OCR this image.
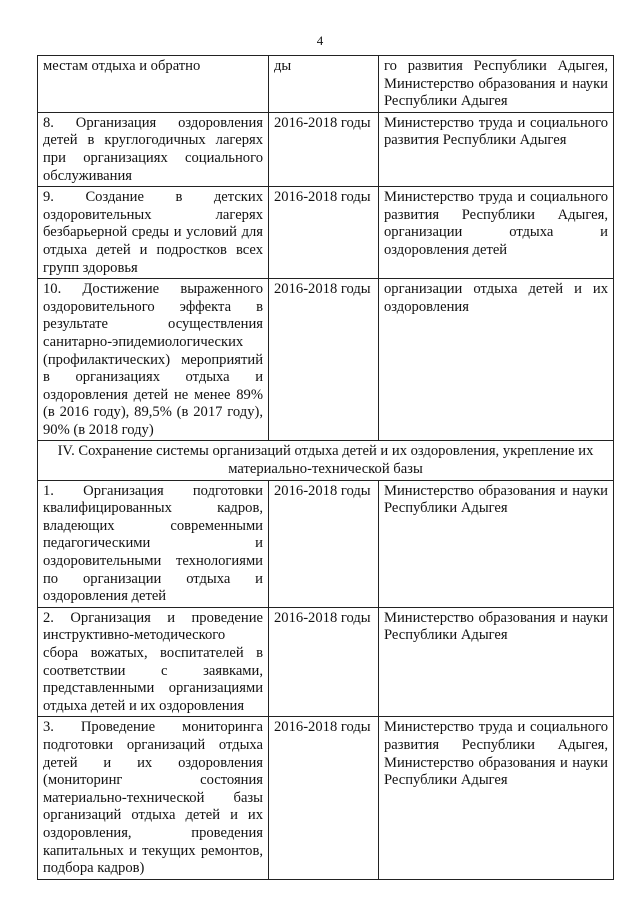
4
местам отдыха и обратно	ды	го развития Республики Адыгея, Министерство образования и науки Республики Адыгея
8. Организация оздоровления детей в круглогодичных лагерях при организациях социального обслуживания	2016-2018 годы	Министерство труда и социального развития Республики Адыгея
9. Создание в детских оздоровительных лагерях безбарьерной среды и условий для отдыха детей и подростков всех групп здоровья	2016-2018 годы	Министерство труда и социального развития Республики Адыгея, организации отдыха и оздоровления детей
10. Достижение выраженного оздоровительного эффекта в результате осуществления санитарно-эпидемиологических (профилактических) мероприятий в организациях отдыха и оздоровления детей не менее 89% (в 2016 году), 89,5% (в 2017 году), 90% (в 2018 году)	2016-2018 годы	организации отдыха детей и их оздоровления
IV. Сохранение системы организаций отдыха детей и их оздоровления, укрепление их материально-технической базы		
1. Организация подготовки квалифицированных кадров, владеющих современными педагогическими и оздоровительными технологиями по организации отдыха и оздоровления детей	2016-2018 годы	Министерство образования и науки Республики Адыгея
2. Организация и проведение инструктивно-методического сбора вожатых, воспитателей в соответствии с заявками, представленными организациями отдыха детей и их оздоровления	2016-2018 годы	Министерство образования и науки Республики Адыгея
3. Проведение мониторинга подготовки организаций отдыха детей и их оздоровления (мониторинг состояния материально-технической базы организаций отдыха детей и их оздоровления, проведения капитальных и текущих ремонтов, подбора кадров)	2016-2018 годы	Министерство труда и социального развития Республики Адыгея, Министерство образования и науки Республики Адыгея
